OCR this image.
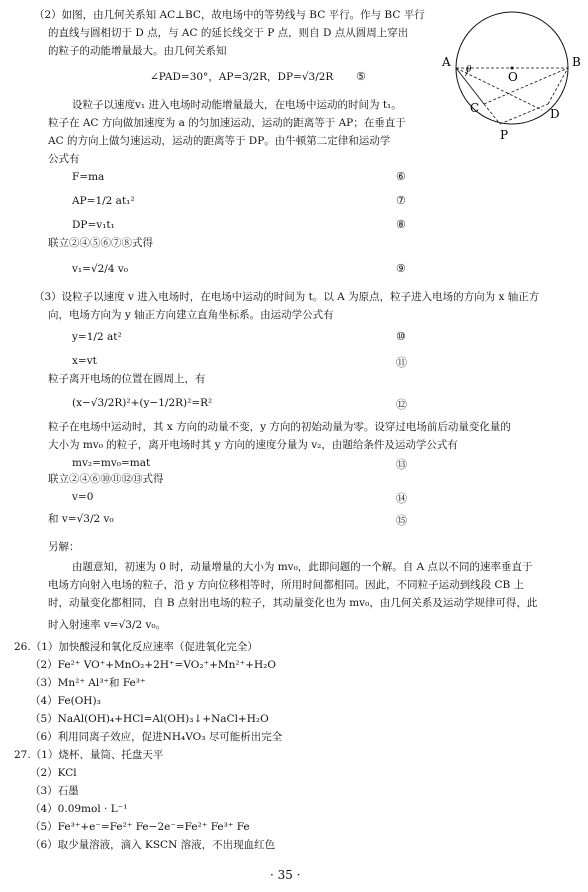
（2）如图，由几何关系知 AC⊥BC，故电场中的等势线与 BC 平行。作与 BC 平行
的直线与圆相切于 D 点，与 AC 的延长线交于 P 点，则自 D 点从圆周上穿出
的粒子的动能增量最大。由几何关系知
∠PAD=30°，AP=3/2R，DP=√3/2R ⑤
设粒子以速度v₁ 进入电场时动能增量最大，在电场中运动的时间为 t₁。
粒子在 AC 方向做加速度为 a 的匀加速运动，运动的距离等于 AP；在垂直于
AC 的方向上做匀速运动，运动的距离等于 DP。由牛顿第二定律和运动学
公式有
F=ma	⑥
AP=1/2 at₁²	⑦
DP=v₁t₁	⑧
联立②④⑤⑥⑦⑧式得
v₁=√2/4 v₀	⑨
（3）设粒子以速度 v 进入电场时，在电场中运动的时间为 t。以 A 为原点，粒子进入电场的方向为 x 轴正方
向，电场方向为 y 轴正方向建立直角坐标系。由运动学公式有
y=1/2 at²	⑩
x=vt	⑪
粒子离开电场的位置在圆周上，有
(x−√3/2R)²+(y−1/2R)²=R²	⑫
粒子在电场中运动时，其 x 方向的动量不变，y 方向的初始动量为零。设穿过电场前后动量变化量的
大小为 mv₀ 的粒子，离开电场时其 y 方向的速度分量为 v₂，由题给条件及运动学公式有
mv₂=mv₀=mat	⑬
联立②④⑥⑩⑪⑫⑬式得
v=0	⑭
和 v=√3/2 v₀	⑮
另解：
由题意知，初速为 0 时，动量增量的大小为 mv₀，此即问题的一个解。自 A 点以不同的速率垂直于
电场方向射入电场的粒子，沿 y 方向位移相等时，所用时间都相同。因此，不同粒子运动到线段 CB 上
时，动量变化都相同，自 B 点射出电场的粒子，其动量变化也为 mv₀，由几何关系及运动学规律可得，此
时入射速率 v=√3/2 v₀。
26.（1）加快酸浸和氧化反应速率（促进氧化完全）
（2）Fe²⁺ VO⁺+MnO₂+2H⁺=VO₂⁺+Mn²⁺+H₂O
（3）Mn²⁺ Al³⁺和 Fe³⁺
（4）Fe(OH)₃
（5）NaAl(OH)₄+HCl=Al(OH)₃↓+NaCl+H₂O
（6）利用同离子效应，促进NH₄VO₃ 尽可能析出完全
27.（1）烧杯、量筒、托盘天平
（2）KCl
（3）石墨
（4）0.09mol · L⁻¹
（5）Fe³⁺+e⁻=Fe²⁺ Fe−2e⁻=Fe²⁺ Fe³⁺ Fe
（6）取少量溶液，滴入 KSCN 溶液，不出现血红色
A
O
B
C	D
P
θ
· 35 ·
